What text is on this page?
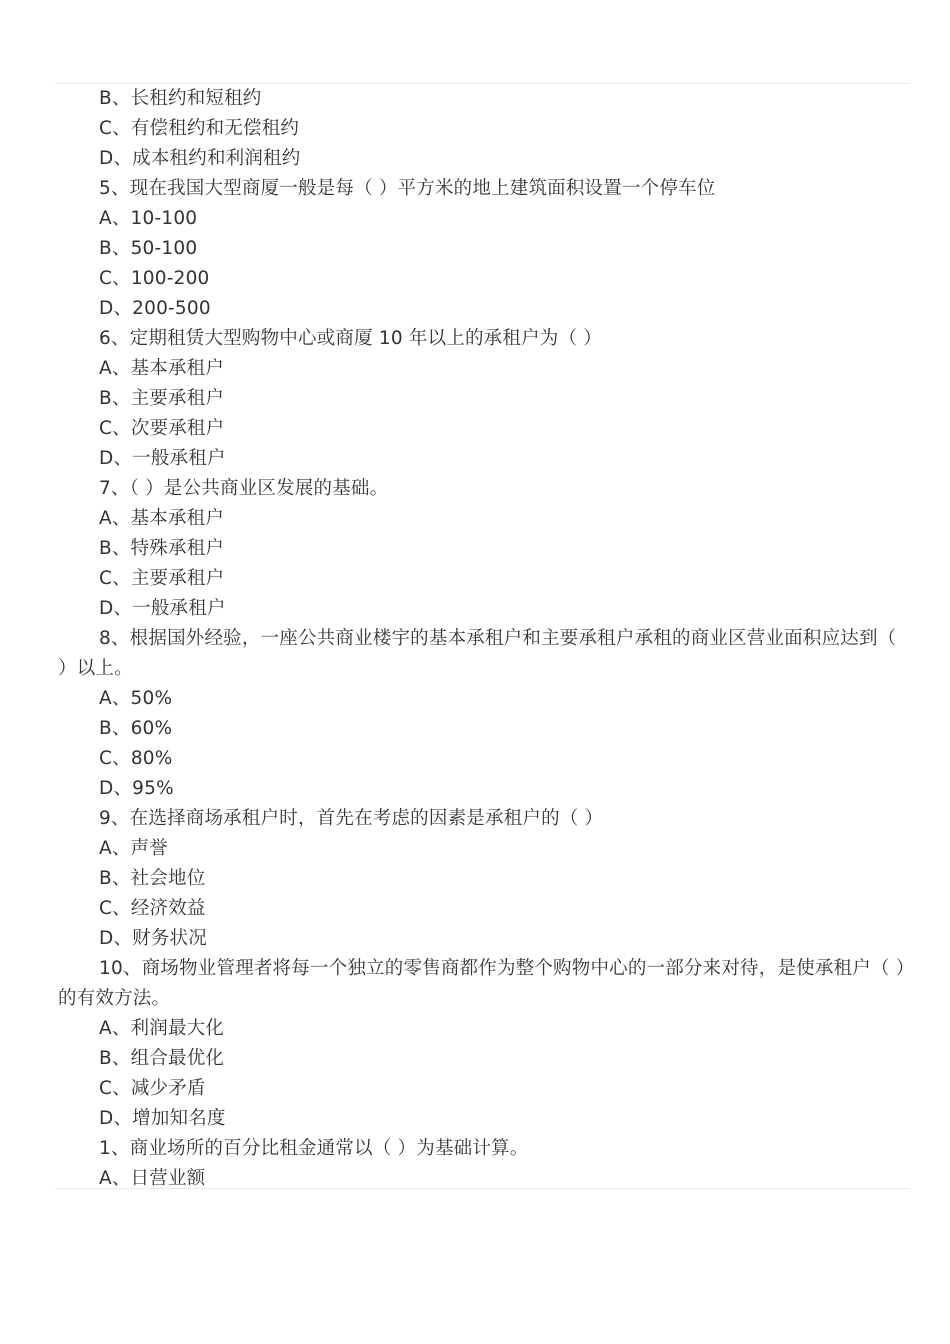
B、长租约和短租约
C、有偿租约和无偿租约
D、成本租约和利润租约
5、现在我国大型商厦一般是每（ ）平方米的地上建筑面积设置一个停车位
A、10-100
B、50-100
C、100-200
D、200-500
6、定期租赁大型购物中心或商厦 10 年以上的承租户为（ ）
A、基本承租户
B、主要承租户
C、次要承租户
D、一般承租户
7、（ ）是公共商业区发展的基础。
A、基本承租户
B、特殊承租户
C、主要承租户
D、一般承租户
8、根据国外经验，一座公共商业楼宇的基本承租户和主要承租户承租的商业区营业面积应达到（ ）以上。
A、50%
B、60%
C、80%
D、95%
9、在选择商场承租户时，首先在考虑的因素是承租户的（ ）
A、声誉
B、社会地位
C、经济效益
D、财务状况
10、商场物业管理者将每一个独立的零售商都作为整个购物中心的一部分来对待，是使承租户（ ）的有效方法。
A、利润最大化
B、组合最优化
C、减少矛盾
D、增加知名度
1、商业场所的百分比租金通常以（ ）为基础计算。
A、日营业额
